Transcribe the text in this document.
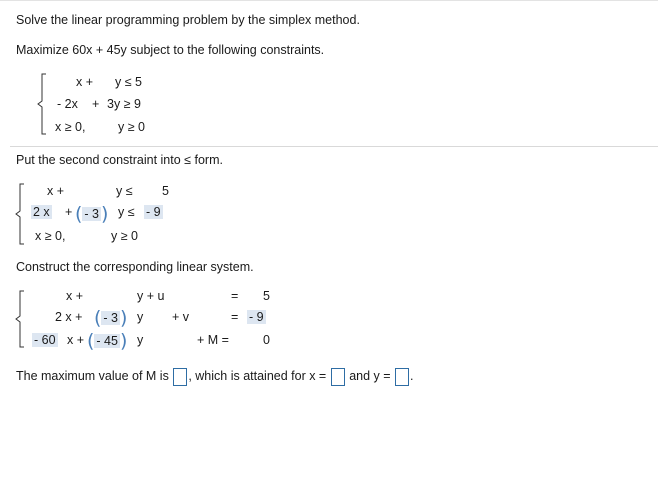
Solve the linear programming problem by the simplex method.
Maximize 60x + 45y subject to the following constraints.
x + y ≤ 5
- 2x + 3y ≥ 9
x ≥ 0,	y ≥ 0
Put the second constraint into ≤ form.
x +	y ≤ 5
2 x + ( - 3 ) y ≤ - 9
x ≥ 0,	y ≥ 0
Construct the corresponding linear system.
x +	y + u	= 5
2 x + ( - 3 ) y + v	= - 9
- 60 x + ( - 45 ) y	+ M =	0
The maximum value of M is , which is attained for x = and y = .
